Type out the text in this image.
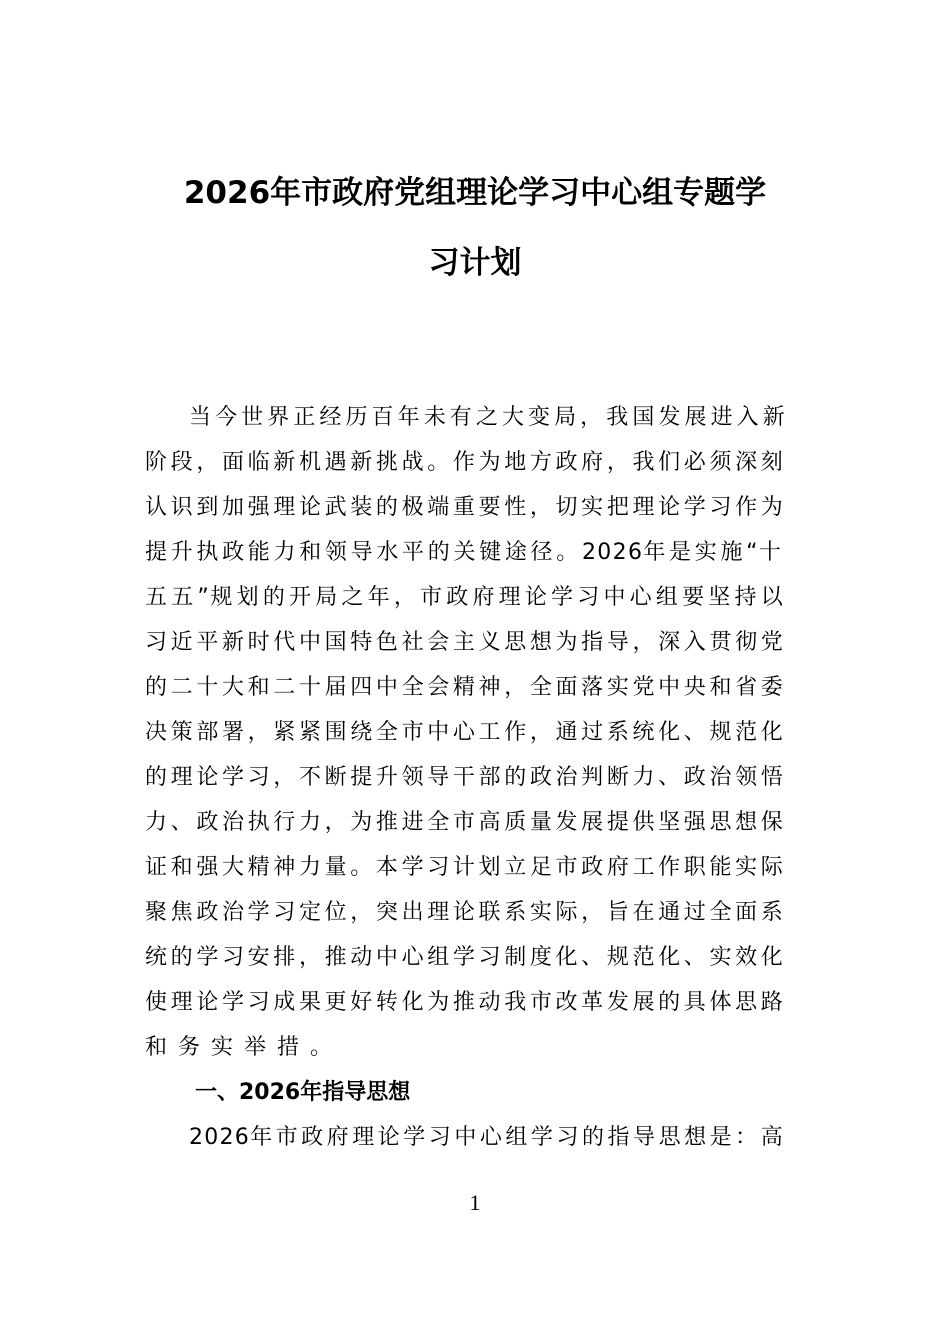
2026年市政府党组理论学习中心组专题学
习计划
当 今 世 界 正 经 历 百 年 未 有 之 大 变 局 ， 我 国 发 展 进 入 新
阶 段 ， 面 临 新 机 遇 新 挑 战 。 作 为 地 方 政 府 ， 我 们 必 须 深 刻
认 识 到 加 强 理 论 武 装 的 极 端 重 要 性 ， 切 实 把 理 论 学 习 作 为
提 升 执 政 能 力 和 领 导 水 平 的 关 键 途 径 。 2 0 2 6 年 是 实 施 “ 十
五 五 ” 规 划 的 开 局 之 年 ， 市 政 府 理 论 学 习 中 心 组 要 坚 持 以
习 近 平 新 时 代 中 国 特 色 社 会 主 义 思 想 为 指 导 ， 深 入 贯 彻 党
的 二 十 大 和 二 十 届 四 中 全 会 精 神 ， 全 面 落 实 党 中 央 和 省 委
决 策 部 署 ， 紧 紧 围 绕 全 市 中 心 工 作 ， 通 过 系 统 化 、 规 范 化
的 理 论 学 习 ， 不 断 提 升 领 导 干 部 的 政 治 判 断 力 、 政 治 领 悟
力 、 政 治 执 行 力 ， 为 推 进 全 市 高 质 量 发 展 提 供 坚 强 思 想 保
证 和 强 大 精 神 力 量 。 本 学 习 计 划 立 足 市 政 府 工 作 职 能 实 际
聚 焦 政 治 学 习 定 位 ， 突 出 理 论 联 系 实 际 ， 旨 在 通 过 全 面 系
统 的 学 习 安 排 ， 推 动 中 心 组 学 习 制 度 化 、 规 范 化 、 实 效 化
使 理 论 学 习 成 果 更 好 转 化 为 推 动 我 市 改 革 发 展 的 具 体 思 路
和务实举措。
一、2026年指导思想
2 0 2 6 年 市 政 府 理 论 学 习 中 心 组 学 习 的 指 导 思 想 是 ： 高
1
